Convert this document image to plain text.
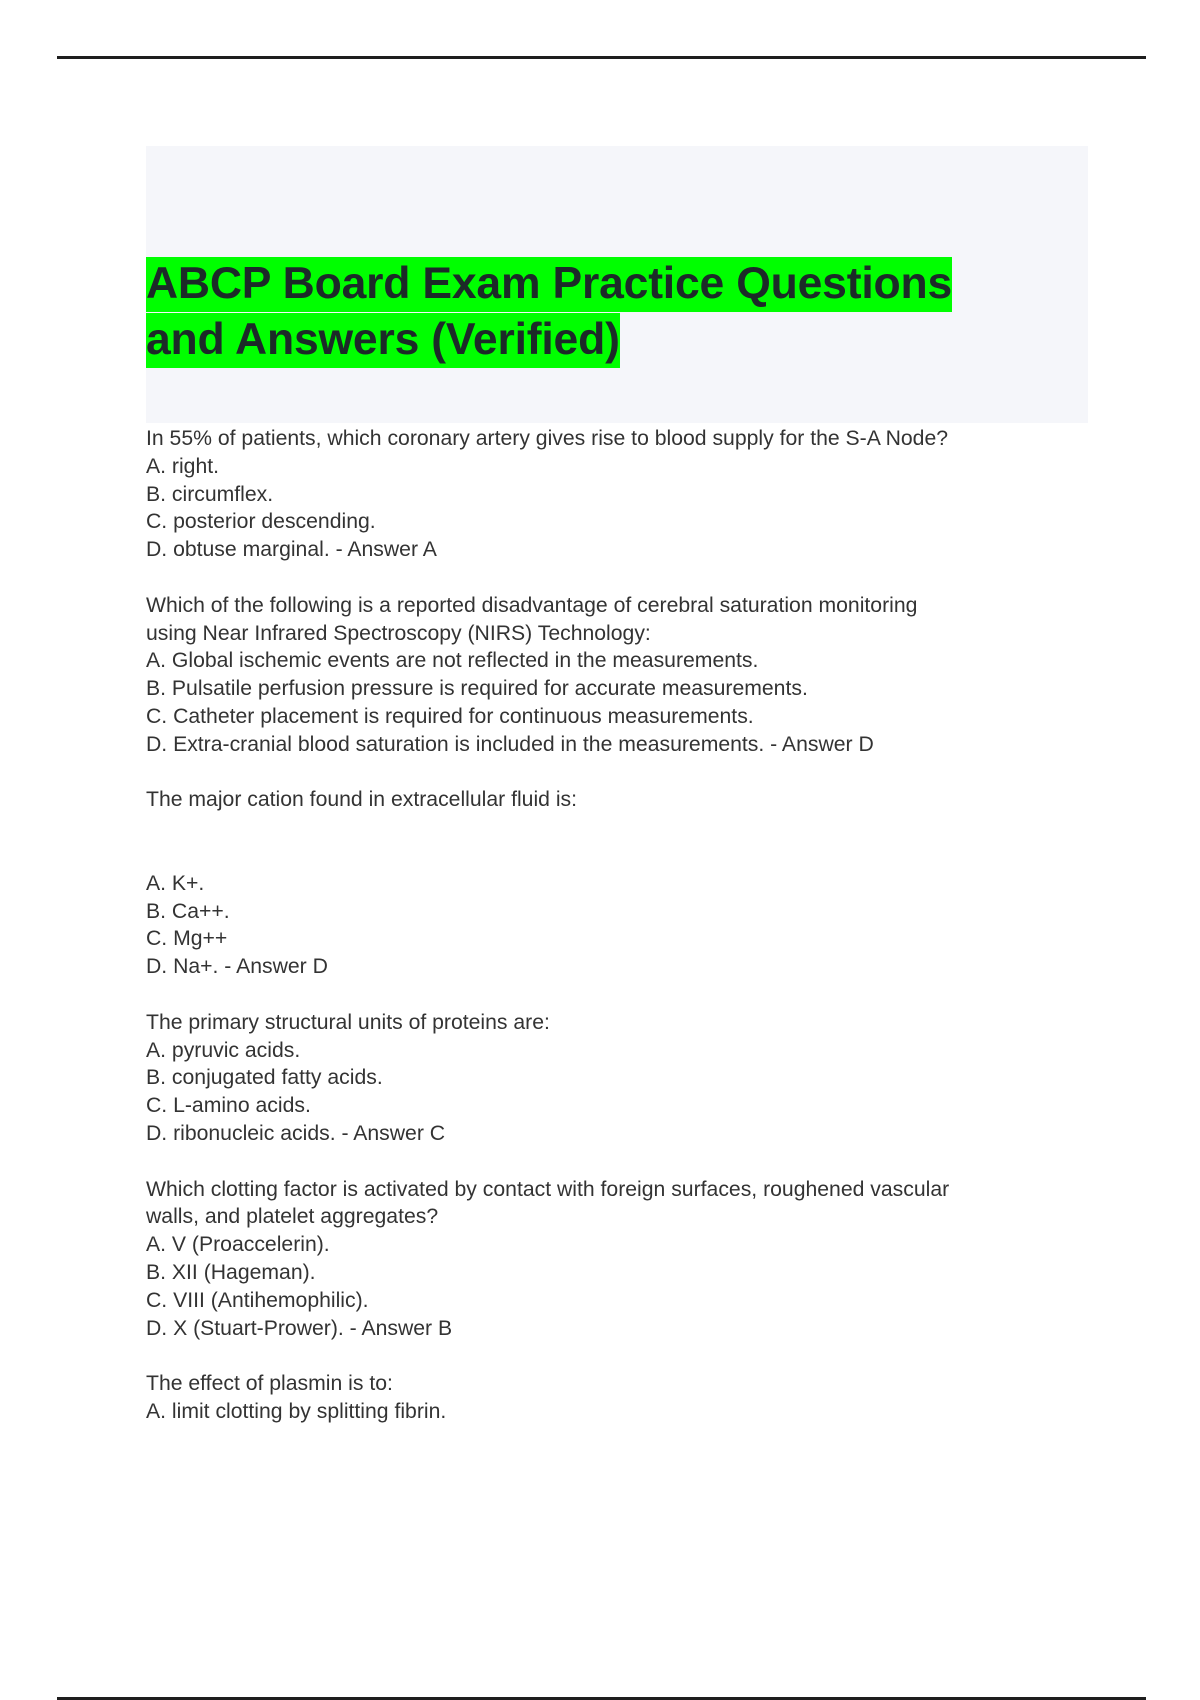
ABCP Board Exam Practice Questions
and Answers (Verified)
In 55% of patients, which coronary artery gives rise to blood supply for the S-A Node?
A. right.
B. circumflex.
C. posterior descending.
D. obtuse marginal. - Answer A
Which of the following is a reported disadvantage of cerebral saturation monitoring
using Near Infrared Spectroscopy (NIRS) Technology:
A. Global ischemic events are not reflected in the measurements.
B. Pulsatile perfusion pressure is required for accurate measurements.
C. Catheter placement is required for continuous measurements.
D. Extra-cranial blood saturation is included in the measurements. - Answer D
The major cation found in extracellular fluid is:
A. K+.
B. Ca++.
C. Mg++
D. Na+. - Answer D
The primary structural units of proteins are:
A. pyruvic acids.
B. conjugated fatty acids.
C. L-amino acids.
D. ribonucleic acids. - Answer C
Which clotting factor is activated by contact with foreign surfaces, roughened vascular
walls, and platelet aggregates?
A. V (Proaccelerin).
B. XII (Hageman).
C. VIII (Antihemophilic).
D. X (Stuart-Prower). - Answer B
The effect of plasmin is to:
A. limit clotting by splitting fibrin.
